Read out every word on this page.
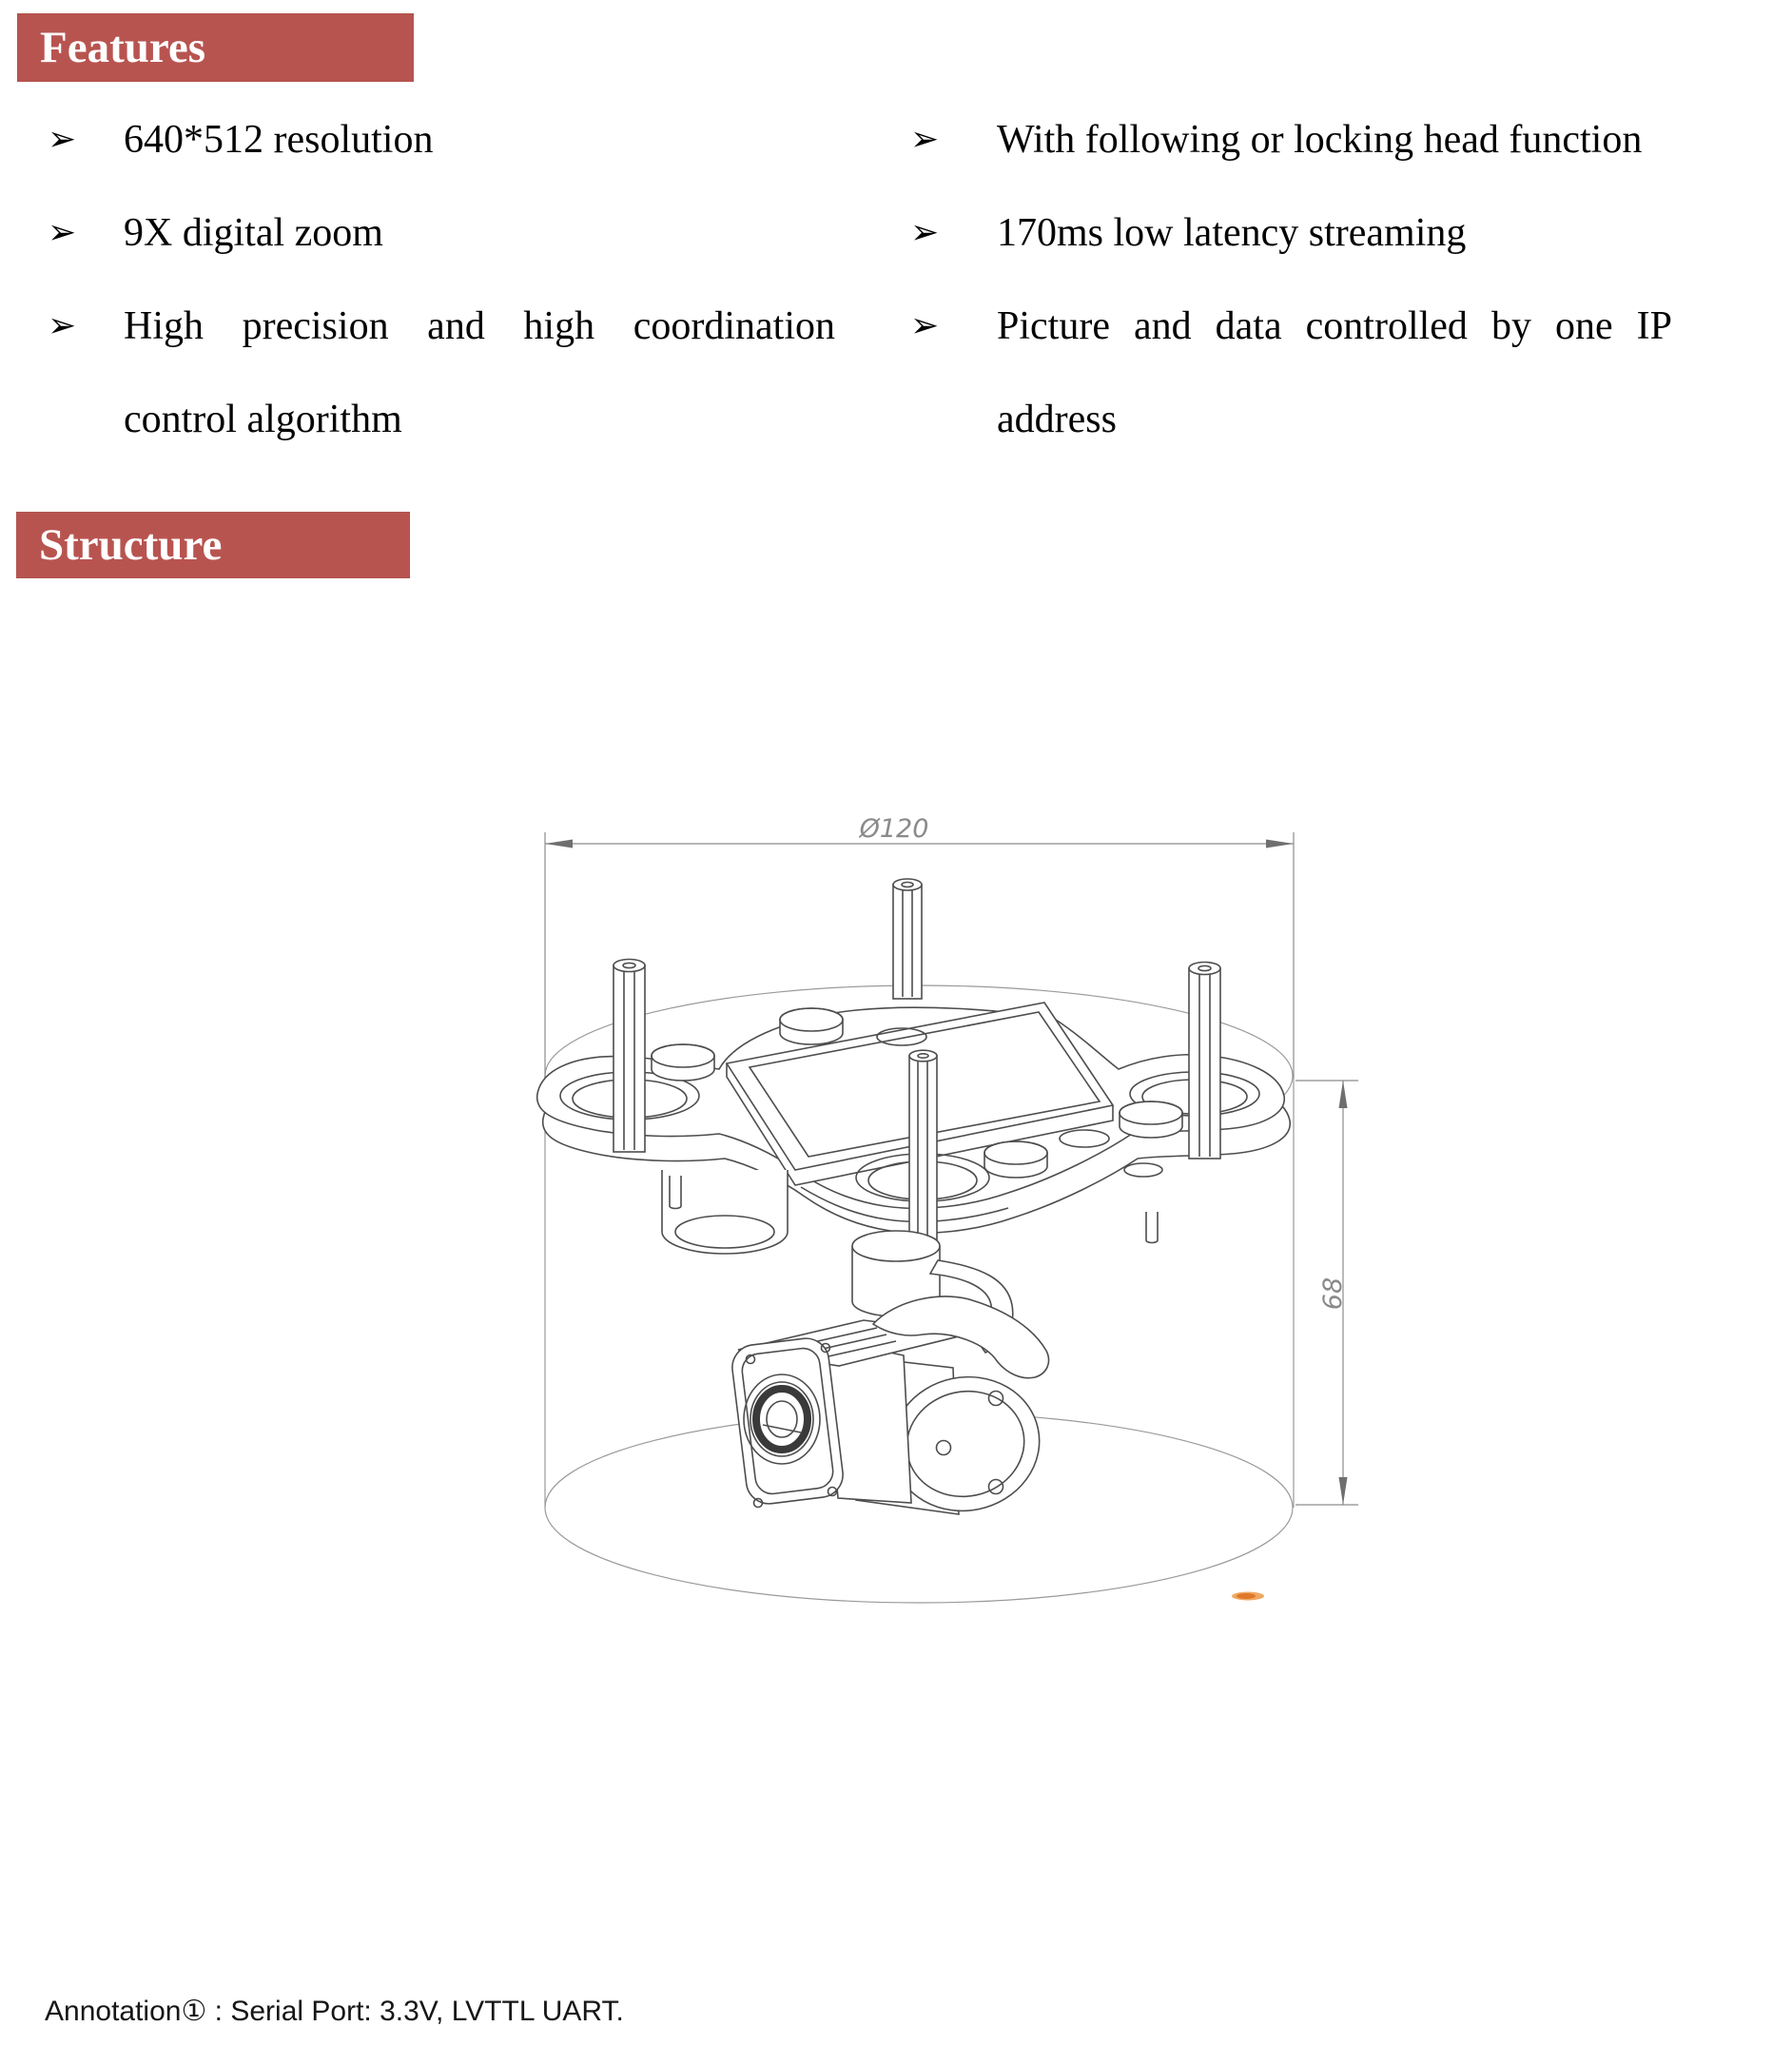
Features
➢ 640*512 resolution
➢ 9X digital zoom
➢ High precision and high coordination control algorithm
➢ With following or locking head function
➢ 170ms low latency streaming
➢ Picture and data controlled by one IP address
Structure
Ø120
68
Annotation① : Serial Port: 3.3V, LVTTL UART.
